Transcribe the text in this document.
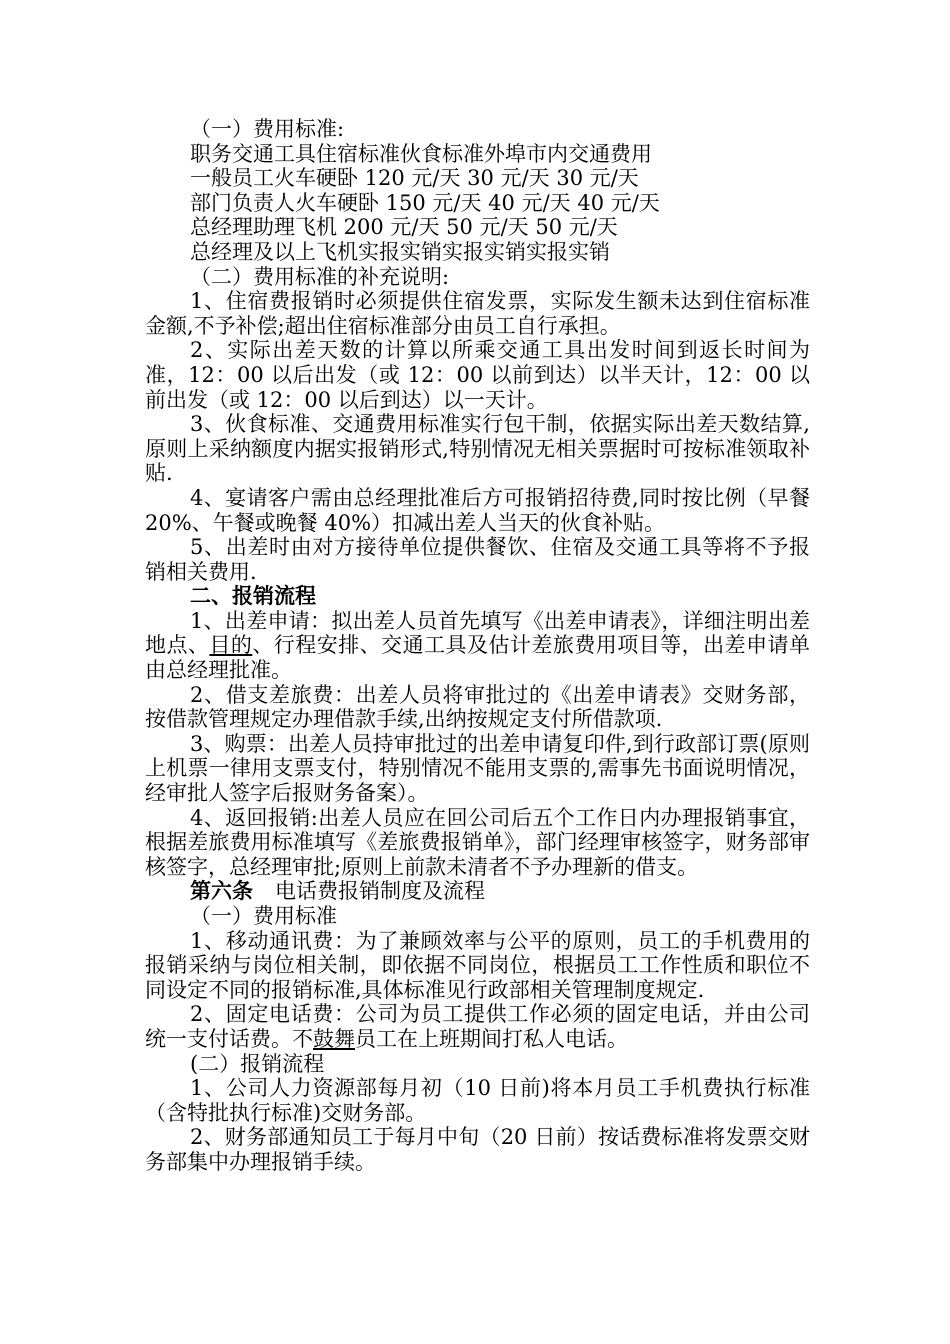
（一）费用标准:

职务交通工具住宿标准伙食标准外埠市内交通费用

一般员工火车硬卧 120 元/天 30 元/天 30 元/天

部门负责人火车硬卧 150 元/天 40 元/天 40 元/天

总经理助理飞机 200 元/天 50 元/天 50 元/天

总经理及以上飞机实报实销实报实销实报实销

（二）费用标准的补充说明:

1、住宿费报销时必须提供住宿发票，实际发生额未达到住宿标准金额,不予补偿;超出住宿标准部分由员工自行承担。

2、实际出差天数的计算以所乘交通工具出发时间到返长时间为准，12：00 以后出发（或 12：00 以前到达）以半天计，12：00 以前出发（或 12：00 以后到达）以一天计。

3、伙食标准、交通费用标准实行包干制，依据实际出差天数结算,原则上采纳额度内据实报销形式,特别情况无相关票据时可按标准领取补贴.

4、宴请客户需由总经理批准后方可报销招待费,同时按比例（早餐 20%、午餐或晚餐 40%）扣减出差人当天的伙食补贴。

5、出差时由对方接待单位提供餐饮、住宿及交通工具等将不予报销相关费用.

二、报销流程

1、出差申请：拟出差人员首先填写《出差申请表》，详细注明出差地点、目的、行程安排、交通工具及估计差旅费用项目等，出差申请单由总经理批准。

2、借支差旅费：出差人员将审批过的《出差申请表》交财务部，按借款管理规定办理借款手续,出纳按规定支付所借款项.

3、购票：出差人员持审批过的出差申请复印件,到行政部订票(原则上机票一律用支票支付，特别情况不能用支票的,需事先书面说明情况，经审批人签字后报财务备案）。

4、返回报销:出差人员应在回公司后五个工作日内办理报销事宜，根据差旅费用标准填写《差旅费报销单》，部门经理审核签字，财务部审核签字，总经理审批;原则上前款未清者不予办理新的借支。

第六条 电话费报销制度及流程

（一）费用标准

1、移动通讯费：为了兼顾效率与公平的原则，员工的手机费用的报销采纳与岗位相关制，即依据不同岗位，根据员工工作性质和职位不同设定不同的报销标准,具体标准见行政部相关管理制度规定.

2、固定电话费：公司为员工提供工作必须的固定电话，并由公司统一支付话费。不鼓舞员工在上班期间打私人电话。

(二）报销流程

1、公司人力资源部每月初（10 日前)将本月员工手机费执行标准（含特批执行标准)交财务部。

2、财务部通知员工于每月中旬（20 日前）按话费标准将发票交财务部集中办理报销手续。
